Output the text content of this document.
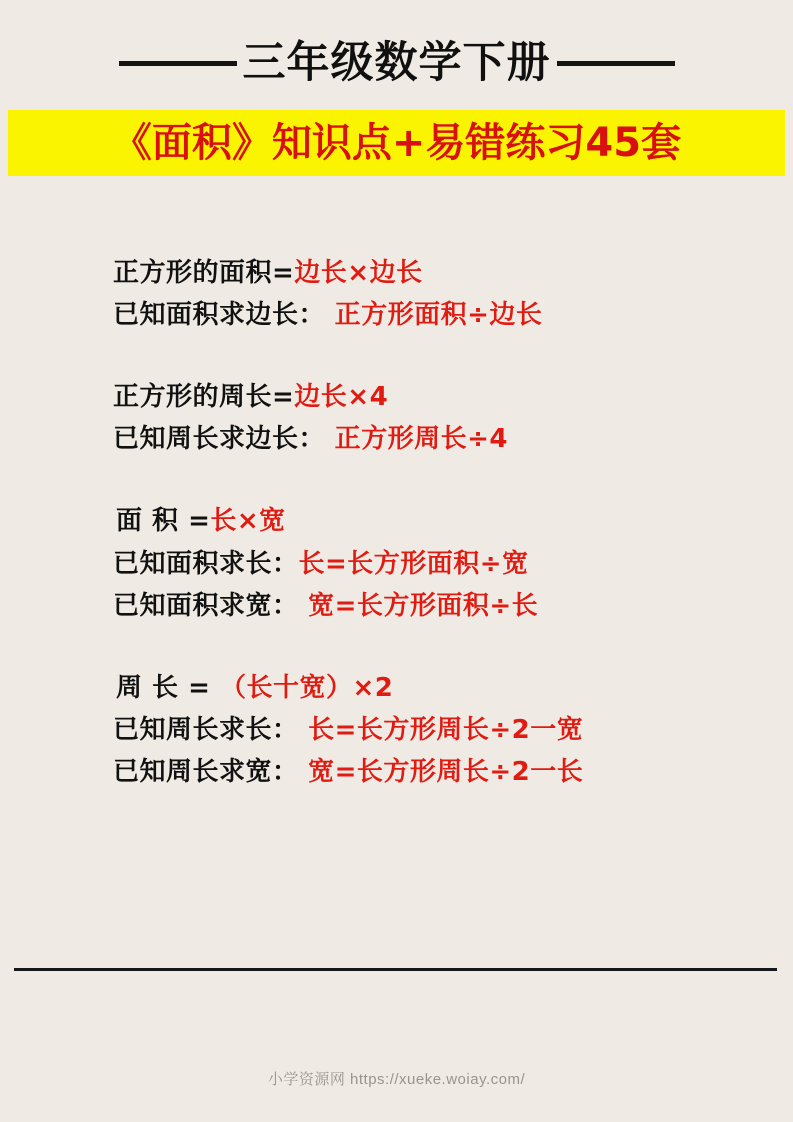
三年级数学下册
《面积》知识点+易错练习45套
正方形的面积=边长×边长
已知面积求边长： 正方形面积÷边长
正方形的周长=边长×4
已知周长求边长： 正方形周长÷4
面 积 =长×宽
已知面积求长：长=长方形面积÷宽
已知面积求宽： 宽=长方形面积÷长
周 长 = （长十宽）×2
已知周长求长： 长=长方形周长÷2一宽
已知周长求宽： 宽=长方形周长÷2一长
小学资源网 https://xueke.woiay.com/
